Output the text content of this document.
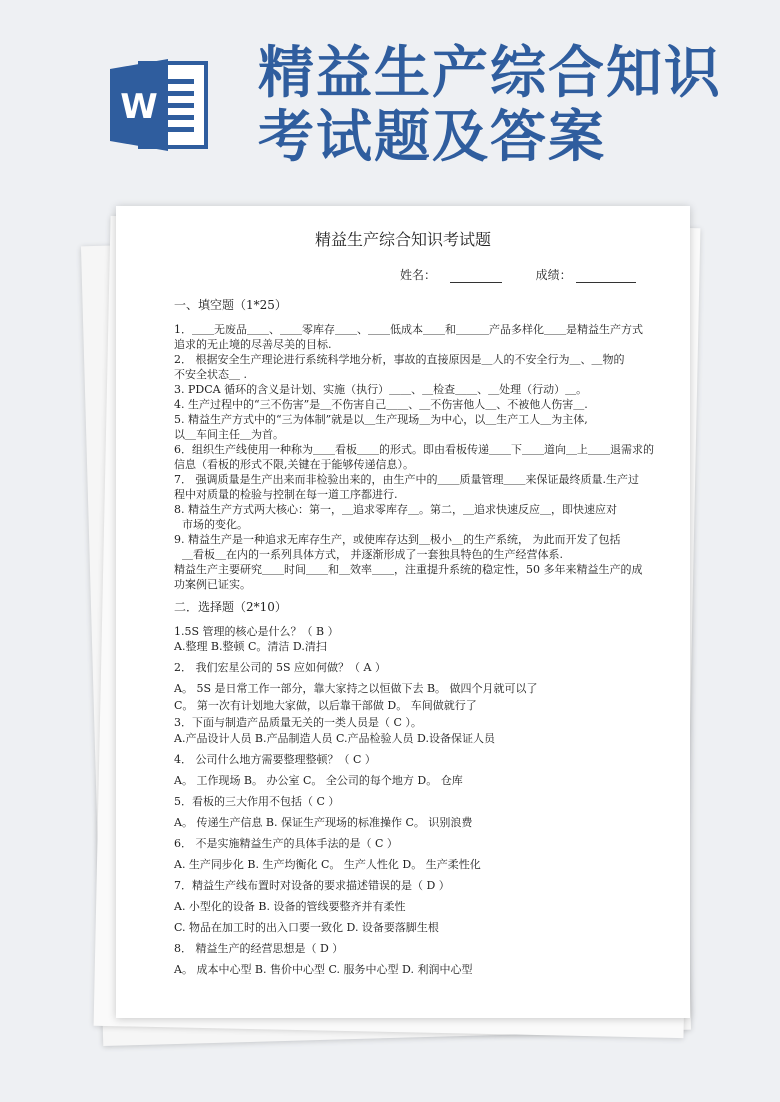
W
精益生产综合知识
考试题及答案
精益生产综合知识考试题
姓名：	成绩：
一、填空题（1*25）
1．＿＿无废品＿＿、＿＿零库存＿＿、＿＿低成本＿＿和＿＿＿产品多样化＿＿是精益生产方式
追求的无止境的尽善尽美的目标.
2． 根据安全生产理论进行系统科学地分析，事故的直接原因是＿人的不安全行为＿、＿物的
不安全状态＿ .
3. PDCA 循环的含义是计划、实施（执行）＿＿、＿检查＿＿、＿处理（行动）＿。
4. 生产过程中的“三不伤害”是＿不伤害自己＿＿、＿不伤害他人＿、不被他人伤害＿.
5. 精益生产方式中的“三为体制”就是以＿生产现场＿为中心，以＿生产工人＿为主体,
以＿车间主任＿为首。
6．组织生产线使用一种称为＿＿看板＿＿的形式。即由看板传递＿＿下＿＿道向＿上＿＿退需求的
信息（看板的形式不限,关键在于能够传递信息）。
7． 强调质量是生产出来而非检验出来的，由生产中的＿＿质量管理＿＿来保证最终质量.生产过
程中对质量的检验与控制在每一道工序都进行.
8. 精益生产方式两大核心：第一，＿追求零库存＿。第二，＿追求快速反应＿，即快速应对
市场的变化。
9. 精益生产是一种追求无库存生产，或使库存达到＿极小＿的生产系统， 为此而开发了包括
＿看板＿在内的一系列具体方式， 并逐渐形成了一套独具特色的生产经营体系.
精益生产主要研究＿＿时间＿＿和＿效率＿＿，注重提升系统的稳定性，50 多年来精益生产的成
功案例已证实。
二．选择题（2*10）
1.5S 管理的核心是什么？（ B ）
A.整理 B.整顿 C。清洁 D.清扫
2． 我们宏星公司的 5S 应如何做？（ A ）
A。 5S 是日常工作一部分，靠大家持之以恒做下去 B。 做四个月就可以了
C。 第一次有计划地大家做，以后靠干部做 D。 车间做就行了
3．下面与制造产品质量无关的一类人员是（ C ）。
A.产品设计人员 B.产品制造人员 C.产品检验人员 D.设备保证人员
4． 公司什么地方需要整理整顿？（ C ）
A。 工作现场 B。 办公室 C。 全公司的每个地方 D。 仓库
5．看板的三大作用不包括（ C ）
A。 传递生产信息 B. 保证生产现场的标准操作 C。 识别浪费
6． 不是实施精益生产的具体手法的是（ C ）
A. 生产同步化 B. 生产均衡化 C。 生产人性化 D。 生产柔性化
7．精益生产线布置时对设备的要求描述错误的是（ D ）
A. 小型化的设备 B. 设备的管线要整齐并有柔性
C. 物品在加工时的出入口要一致化 D. 设备要落脚生根
8． 精益生产的经营思想是（ D ）
A。 成本中心型 B. 售价中心型 C. 服务中心型 D. 利润中心型
